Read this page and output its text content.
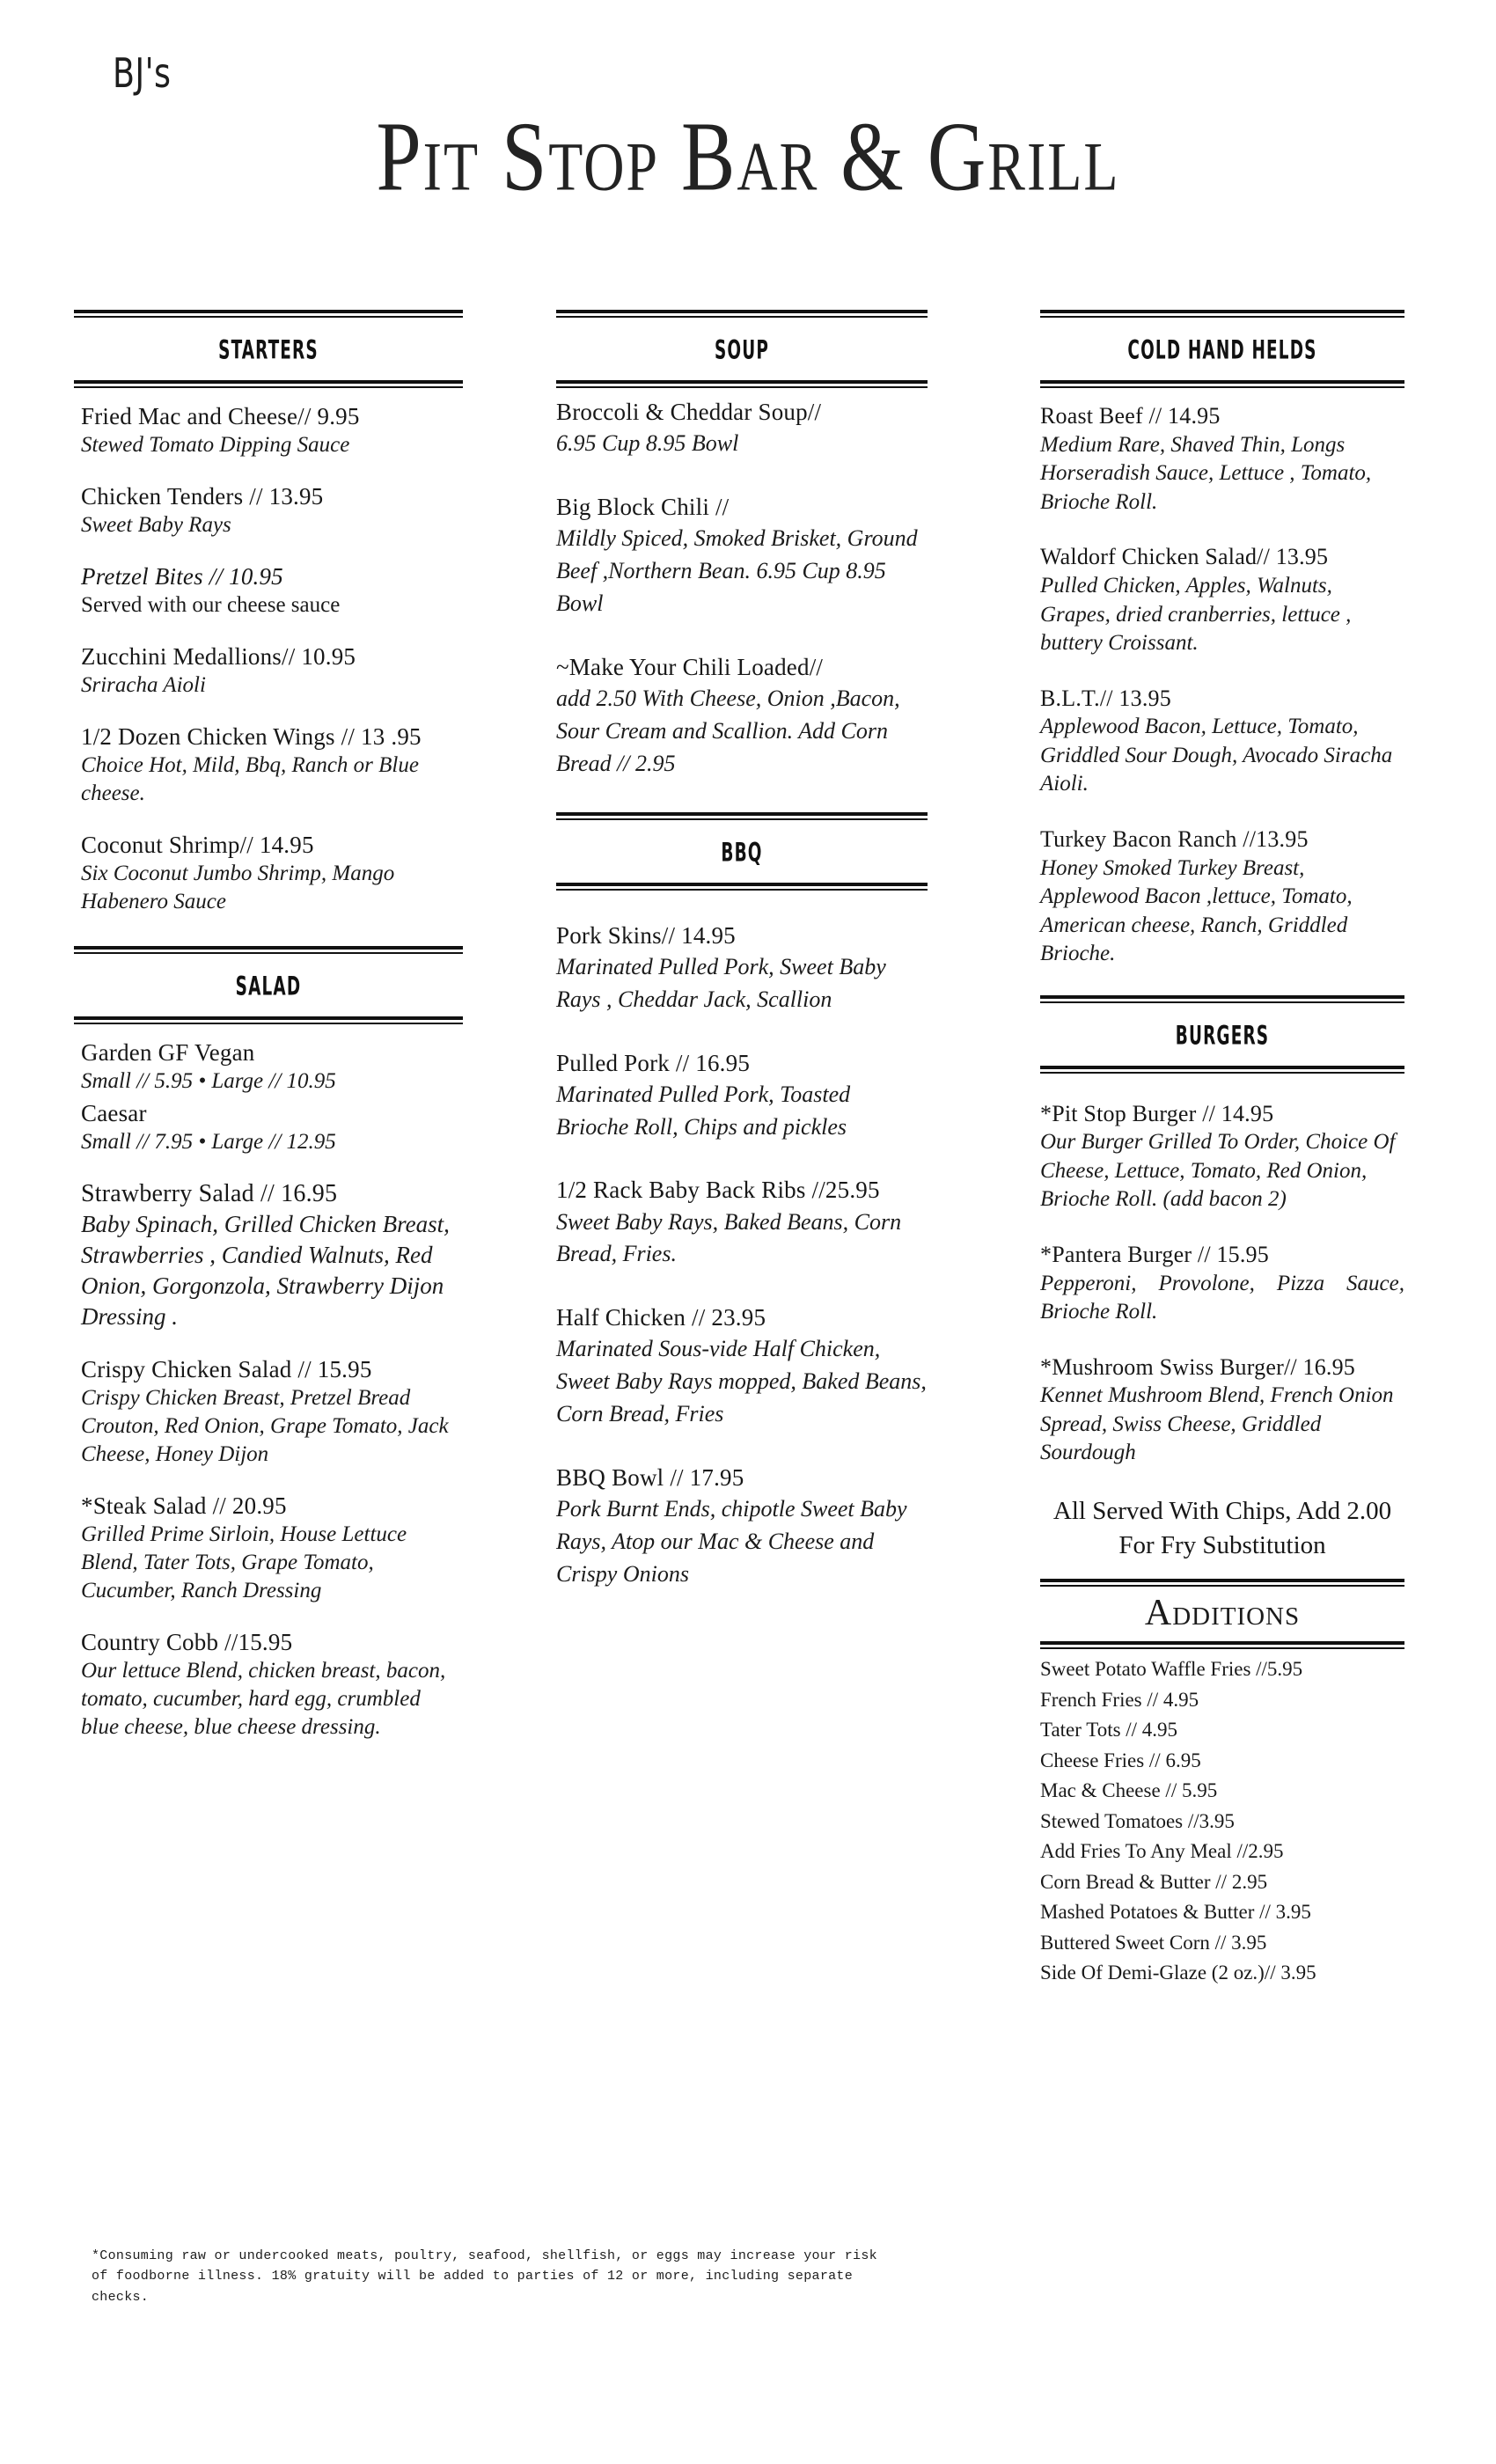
BJ's
Pit Stop Bar & Grill
STARTERS
Fried Mac and Cheese// 9.95
Stewed Tomato Dipping Sauce
Chicken Tenders // 13.95
Sweet Baby Rays
Pretzel Bites // 10.95
Served with our cheese sauce
Zucchini Medallions// 10.95
Sriracha Aioli
1/2 Dozen Chicken Wings // 13 .95
Choice Hot, Mild, Bbq, Ranch or Blue cheese.
Coconut Shrimp// 14.95
Six Coconut Jumbo Shrimp, Mango Habenero Sauce
SALAD
Garden GF Vegan
Small // 5.95 • Large // 10.95
Caesar
Small // 7.95 • Large // 12.95
Strawberry Salad // 16.95
Baby Spinach, Grilled Chicken Breast, Strawberries , Candied Walnuts, Red Onion, Gorgonzola, Strawberry Dijon Dressing .
Crispy Chicken Salad // 15.95
Crispy Chicken Breast, Pretzel Bread Crouton, Red Onion, Grape Tomato, Jack Cheese, Honey Dijon
*Steak Salad // 20.95
Grilled Prime Sirloin, House Lettuce Blend, Tater Tots, Grape Tomato, Cucumber, Ranch Dressing
Country Cobb //15.95
Our lettuce Blend, chicken breast, bacon, tomato, cucumber, hard egg, crumbled blue cheese, blue cheese dressing.
SOUP
Broccoli & Cheddar Soup//
6.95 Cup 8.95 Bowl
Big Block Chili //
Mildly Spiced, Smoked Brisket, Ground Beef ,Northern Bean. 6.95 Cup 8.95 Bowl
~Make Your Chili Loaded//
add 2.50 With Cheese, Onion ,Bacon, Sour Cream and Scallion. Add Corn Bread // 2.95
BBQ
Pork Skins// 14.95
Marinated Pulled Pork, Sweet Baby Rays , Cheddar Jack, Scallion
Pulled Pork // 16.95
Marinated Pulled Pork, Toasted Brioche Roll, Chips and pickles
1/2 Rack Baby Back Ribs //25.95
Sweet Baby Rays, Baked Beans, Corn Bread, Fries.
Half Chicken // 23.95
Marinated Sous-vide Half Chicken, Sweet Baby Rays mopped, Baked Beans, Corn Bread, Fries
BBQ Bowl // 17.95
Pork Burnt Ends, chipotle Sweet Baby Rays, Atop our Mac & Cheese and Crispy Onions
COLD HAND HELDS
Roast Beef // 14.95
Medium Rare, Shaved Thin, Longs Horseradish Sauce, Lettuce , Tomato, Brioche Roll.
Waldorf Chicken Salad// 13.95
Pulled Chicken, Apples, Walnuts, Grapes, dried cranberries, lettuce , buttery Croissant.
B.L.T.// 13.95
Applewood Bacon, Lettuce, Tomato, Griddled Sour Dough, Avocado Siracha Aioli.
Turkey Bacon Ranch //13.95
Honey Smoked Turkey Breast, Applewood Bacon ,lettuce, Tomato, American cheese, Ranch, Griddled Brioche.
BURGERS
*Pit Stop Burger // 14.95
Our Burger Grilled To Order, Choice Of Cheese, Lettuce, Tomato, Red Onion, Brioche Roll. (add bacon 2)
*Pantera Burger // 15.95
Pepperoni, Provolone, Pizza Sauce, Brioche Roll.
*Mushroom Swiss Burger// 16.95
Kennet Mushroom Blend, French Onion Spread, Swiss Cheese, Griddled Sourdough
All Served With Chips, Add 2.00 For Fry Substitution
Additions
Sweet Potato Waffle Fries //5.95
French Fries // 4.95
Tater Tots // 4.95
Cheese Fries // 6.95
Mac & Cheese // 5.95
Stewed Tomatoes //3.95
Add Fries To Any Meal //2.95
Corn Bread & Butter // 2.95
Mashed Potatoes & Butter // 3.95
Buttered Sweet Corn // 3.95
Side Of Demi-Glaze (2 oz.)// 3.95
*Consuming raw or undercooked meats, poultry, seafood, shellfish, or eggs may increase your risk of foodborne illness. 18% gratuity will be added to parties of 12 or more, including separate checks.
